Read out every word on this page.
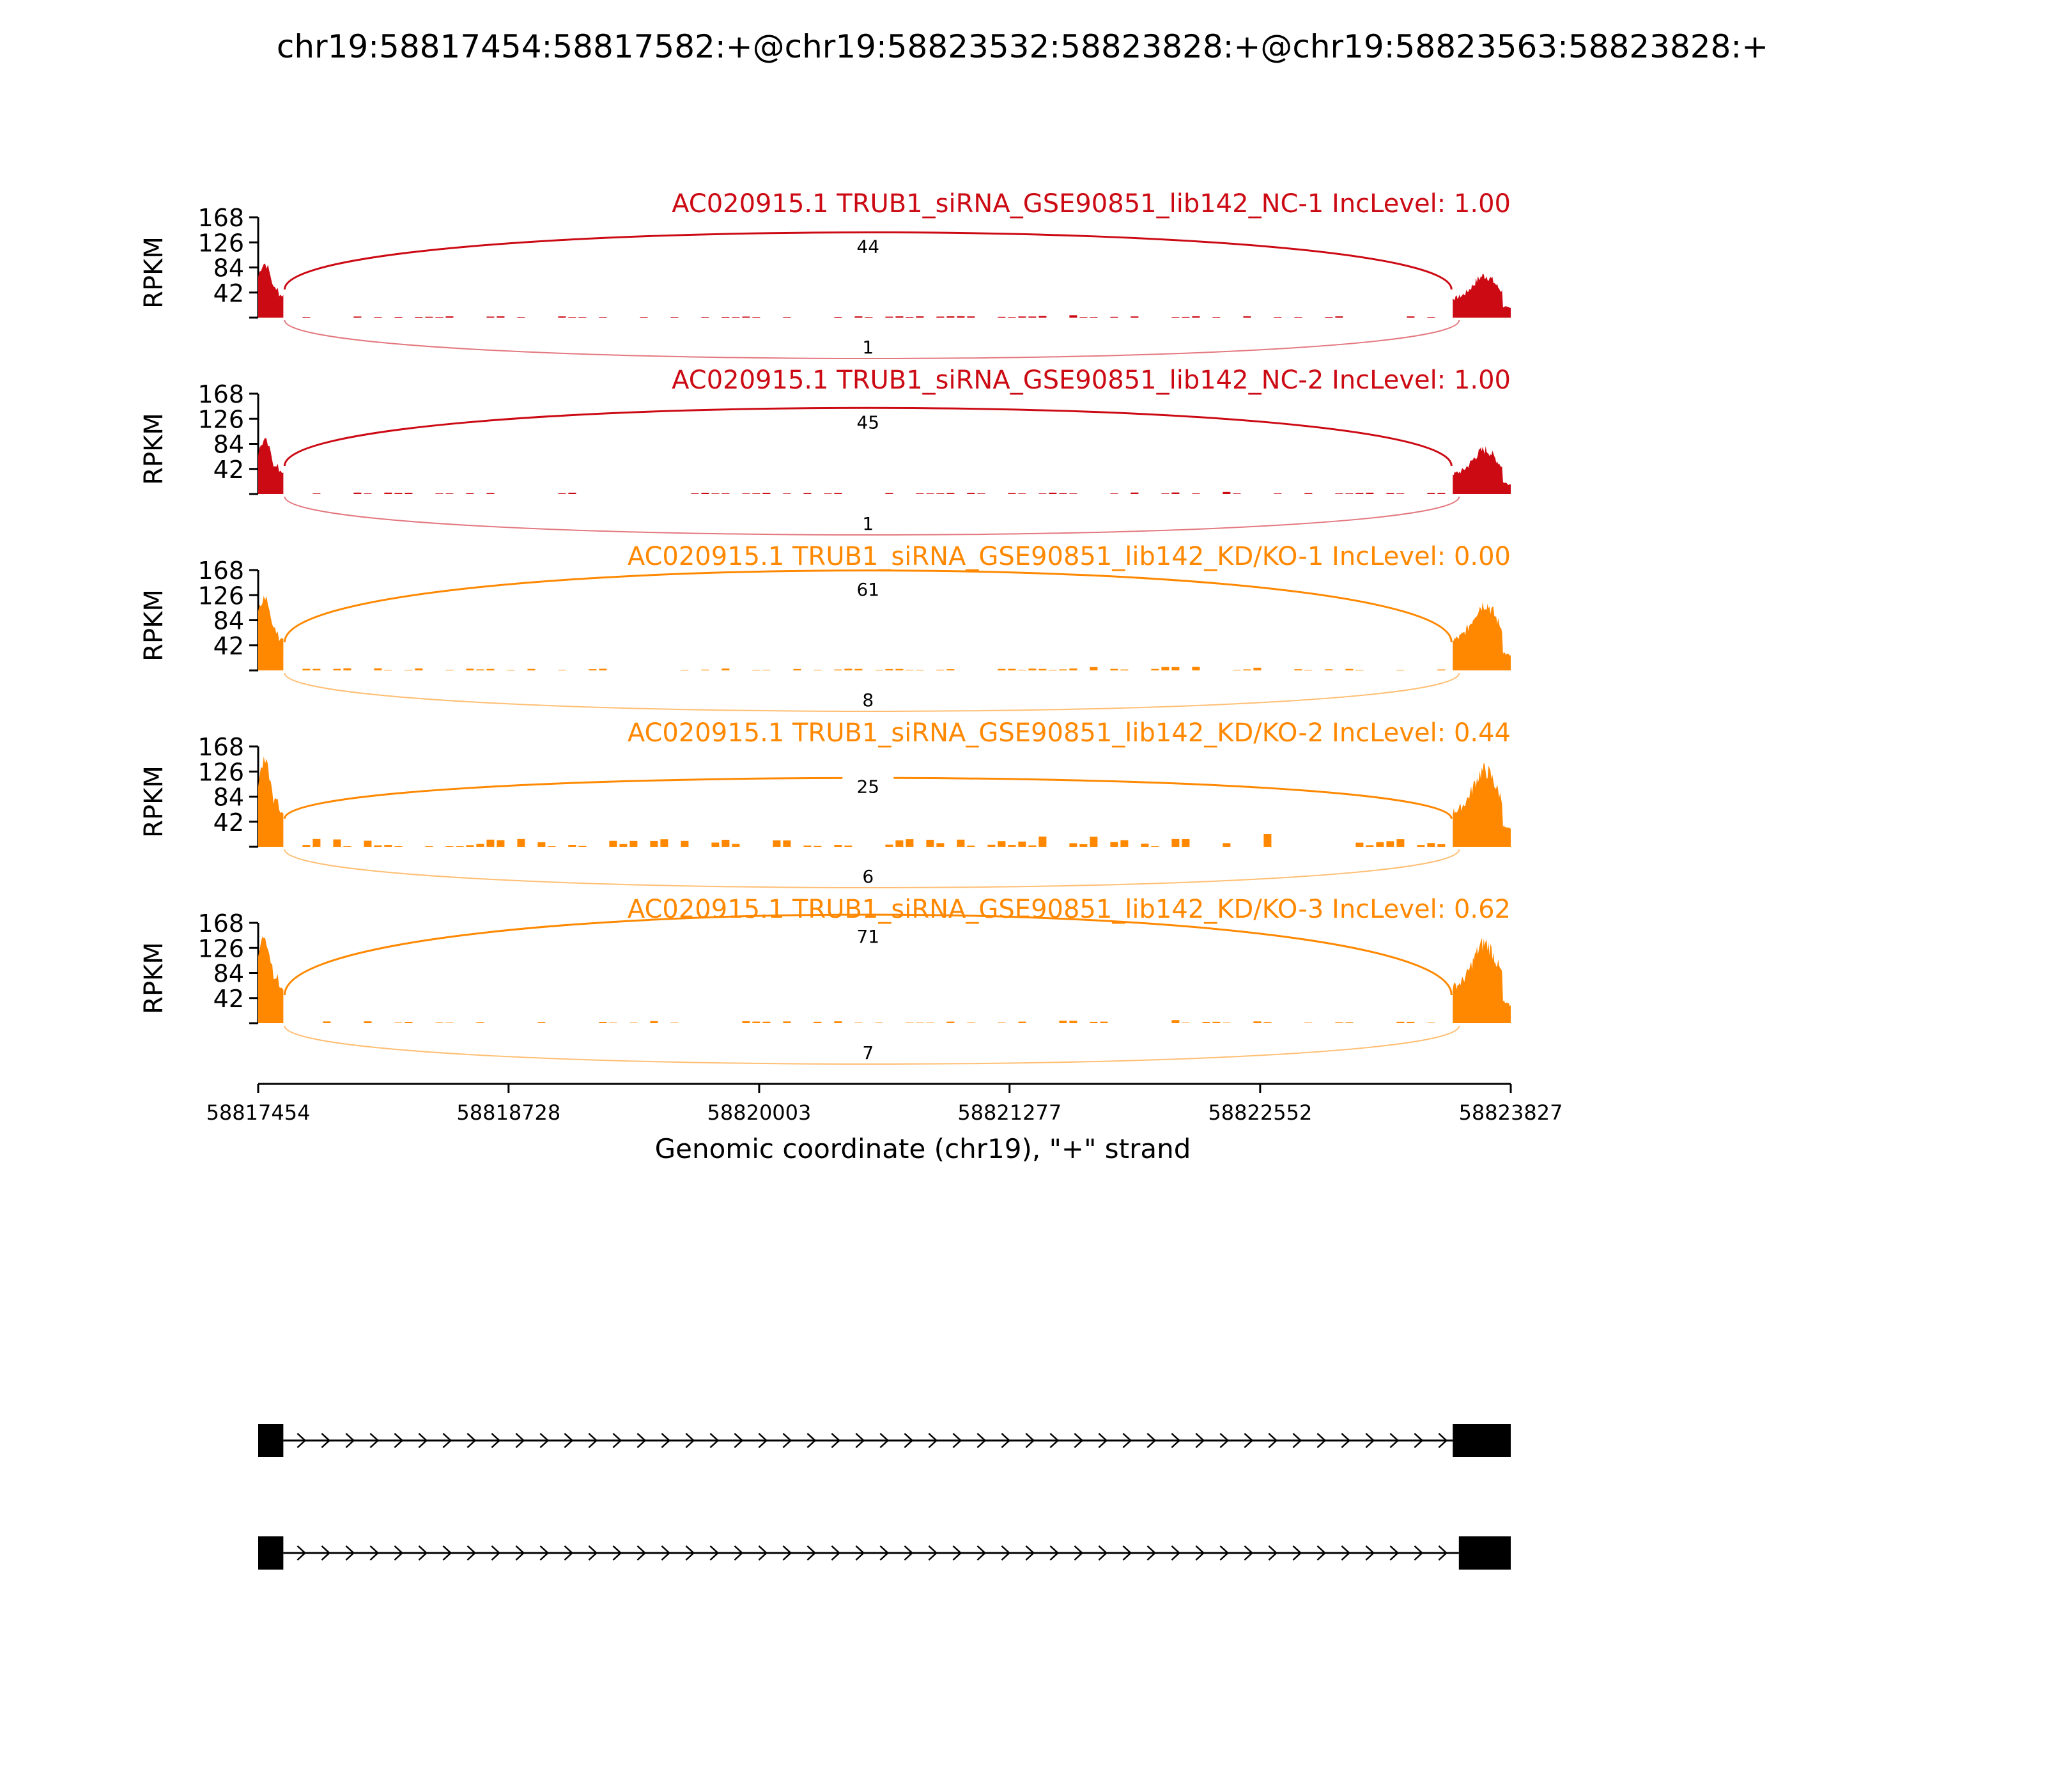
chr19:58817454:58817582:+@chr19:58823532:58823828:+@chr19:58823563:58823828:+
168
126
84
42
RPKM
AC020915.1 TRUB1_siRNA_GSE90851_lib142_NC-1 IncLevel: 1.00
44
1
168
126
84
42
RPKM
AC020915.1 TRUB1_siRNA_GSE90851_lib142_NC-2 IncLevel: 1.00
45
1
168
126
84
42
RPKM
AC020915.1 TRUB1_siRNA_GSE90851_lib142_KD/KO-1 IncLevel: 0.00
61
8
168
126
84
42
RPKM
AC020915.1 TRUB1_siRNA_GSE90851_lib142_KD/KO-2 IncLevel: 0.44
25
6
168
126
84
42
RPKM
AC020915.1 TRUB1_siRNA_GSE90851_lib142_KD/KO-3 IncLevel: 0.62
71
7
58817454	58818728	58820003	58821277	58822552	58823827
Genomic coordinate (chr19), "+" strand
